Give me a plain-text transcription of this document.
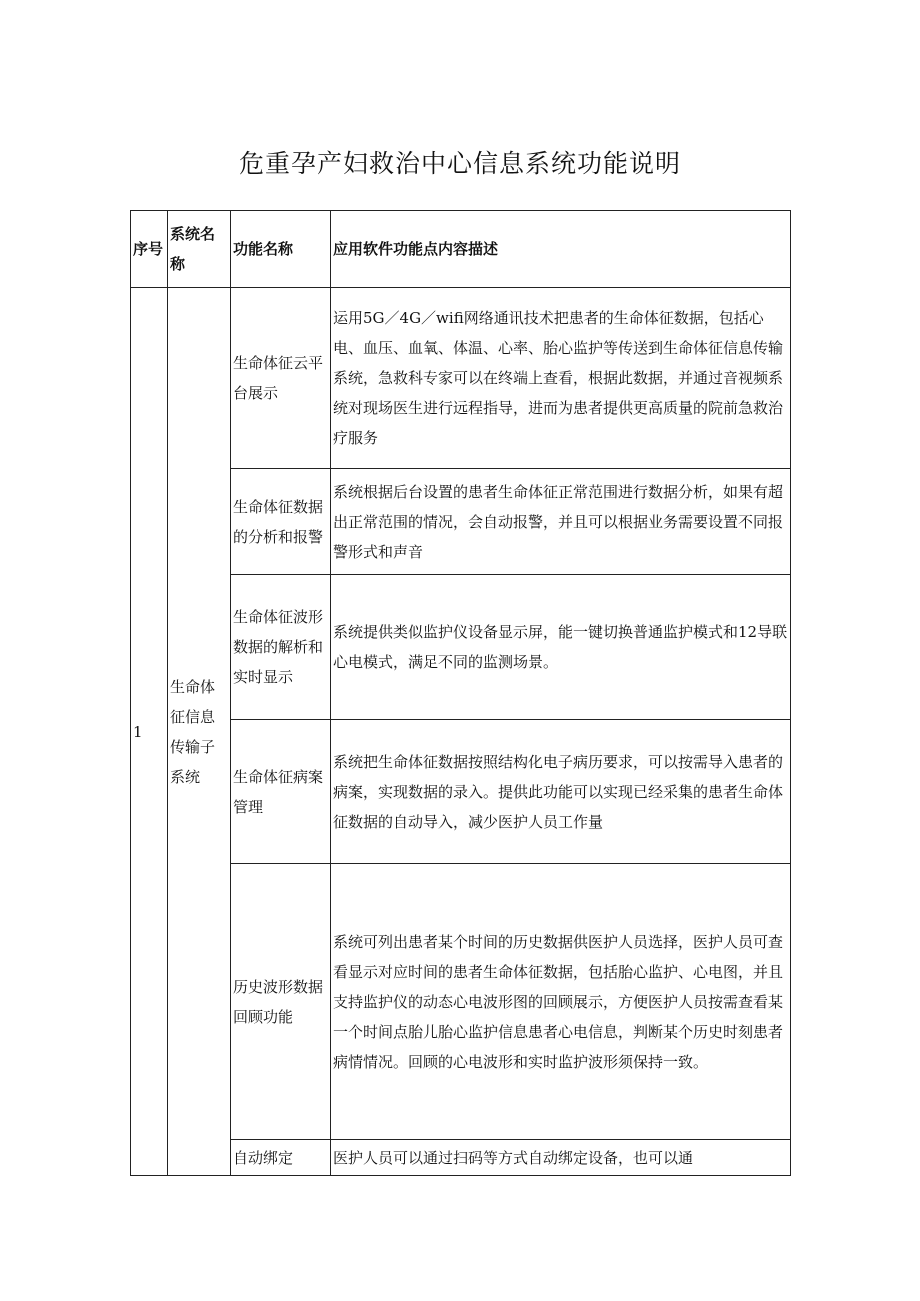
危重孕产妇救治中心信息系统功能说明
序号	系统名称	功能名称	应用软件功能点内容描述
1	生命体征信息传输子系统	生命体征云平台展示	运用5G／4G／wifi网络通讯技术把患者的生命体征数据，包括心电、血压、血氧、体温、心率、胎心监护等传送到生命体征信息传输系统，急救科专家可以在终端上查看，根据此数据，并通过音视频系统对现场医生进行远程指导，进而为患者提供更高质量的院前急救治疗服务
		生命体征数据的分析和报警	系统根据后台设置的患者生命体征正常范围进行数据分析，如果有超出正常范围的情况，会自动报警，并且可以根据业务需要设置不同报警形式和声音
		生命体征波形数据的解析和实时显示	系统提供类似监护仪设备显示屏，能一键切换普通监护模式和12导联心电模式，满足不同的监测场景。
		生命体征病案管理	系统把生命体征数据按照结构化电子病历要求，可以按需导入患者的病案，实现数据的录入。提供此功能可以实现已经采集的患者生命体征数据的自动导入，减少医护人员工作量
		历史波形数据回顾功能	系统可列出患者某个时间的历史数据供医护人员选择，医护人员可查看显示对应时间的患者生命体征数据，包括胎心监护、心电图，并且支持监护仪的动态心电波形图的回顾展示，方便医护人员按需查看某一个时间点胎儿胎心监护信息患者心电信息，判断某个历史时刻患者病情情况。回顾的心电波形和实时监护波形须保持一致。
		自动绑定	医护人员可以通过扫码等方式自动绑定设备，也可以通
